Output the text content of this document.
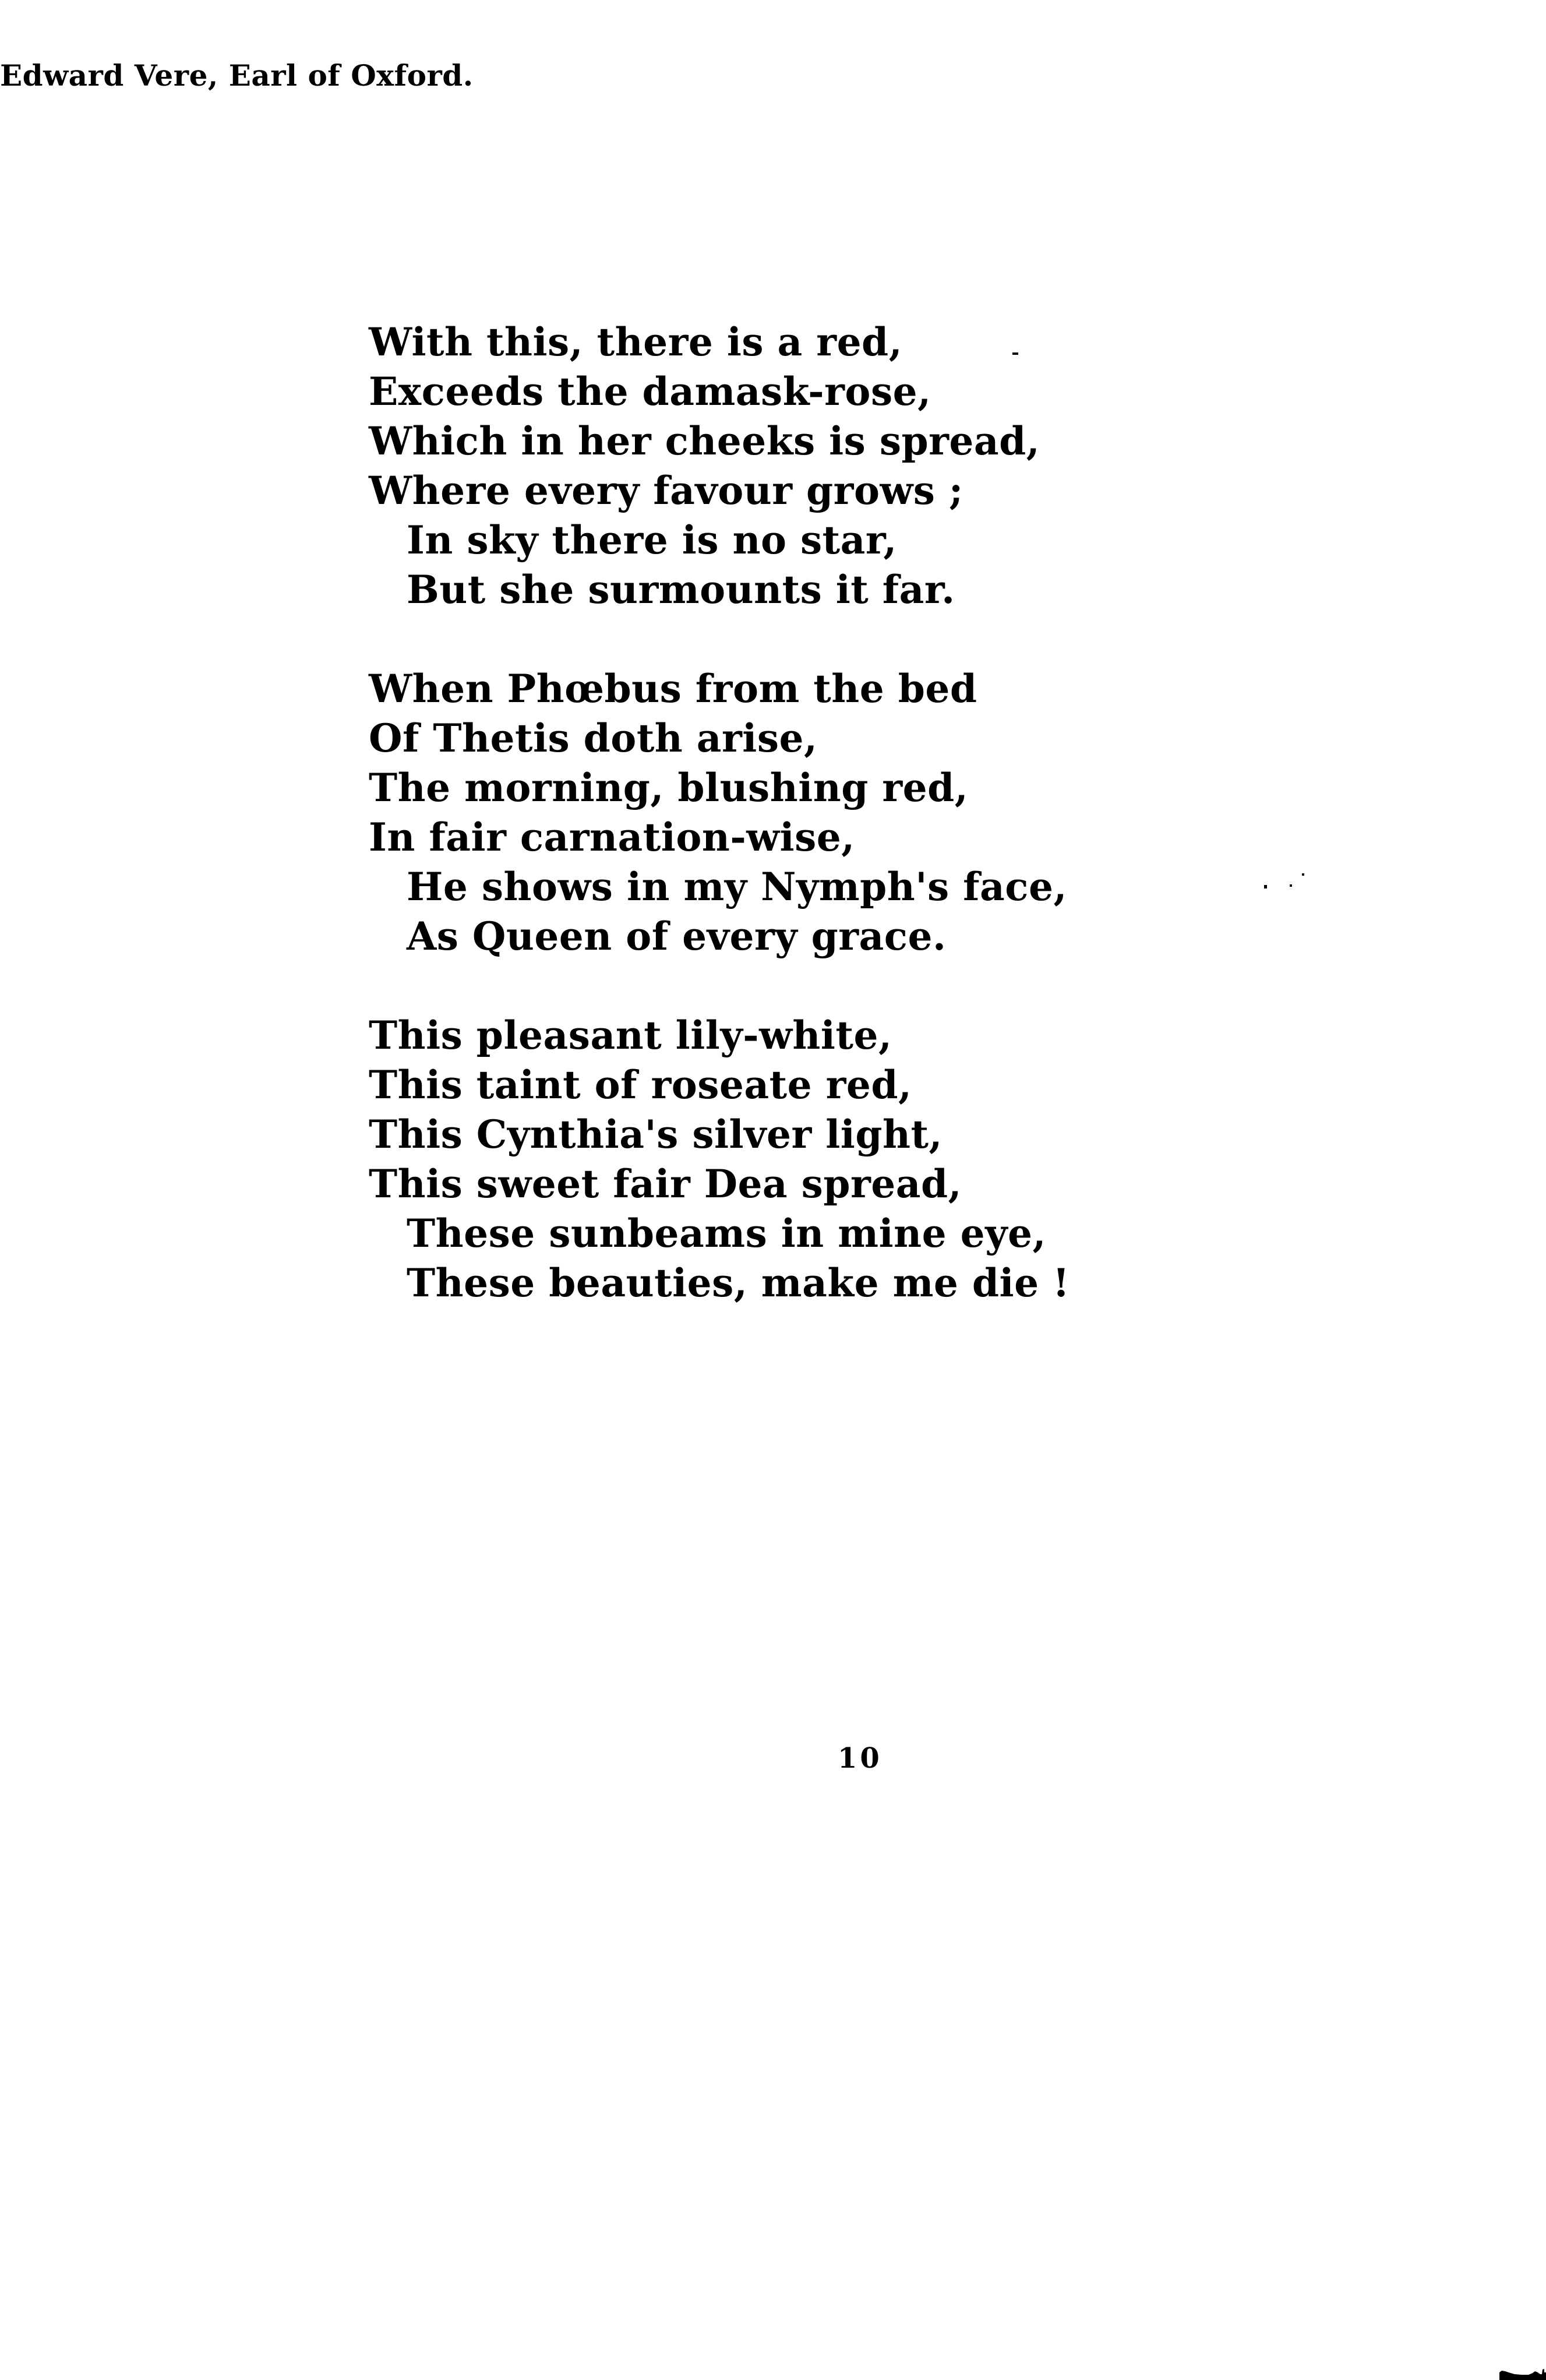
With this, there is a red,
Exceeds the damask-rose,
Which in her cheeks is spread,
Where every favour grows ;
In sky there is no star,
But she surmounts it far.
When Phœbus from the bed
Of Thetis doth arise,
The morning, blushing red,
In fair carnation-wise,
He shows in my Nymph's face,
As Queen of every grace.
This pleasant lily-white,
This taint of roseate red,
This Cynthia's silver light,
This sweet fair Dea spread,
These sunbeams in mine eye,
These beauties, make me die !
Edward Vere, Earl of Oxford.
10
